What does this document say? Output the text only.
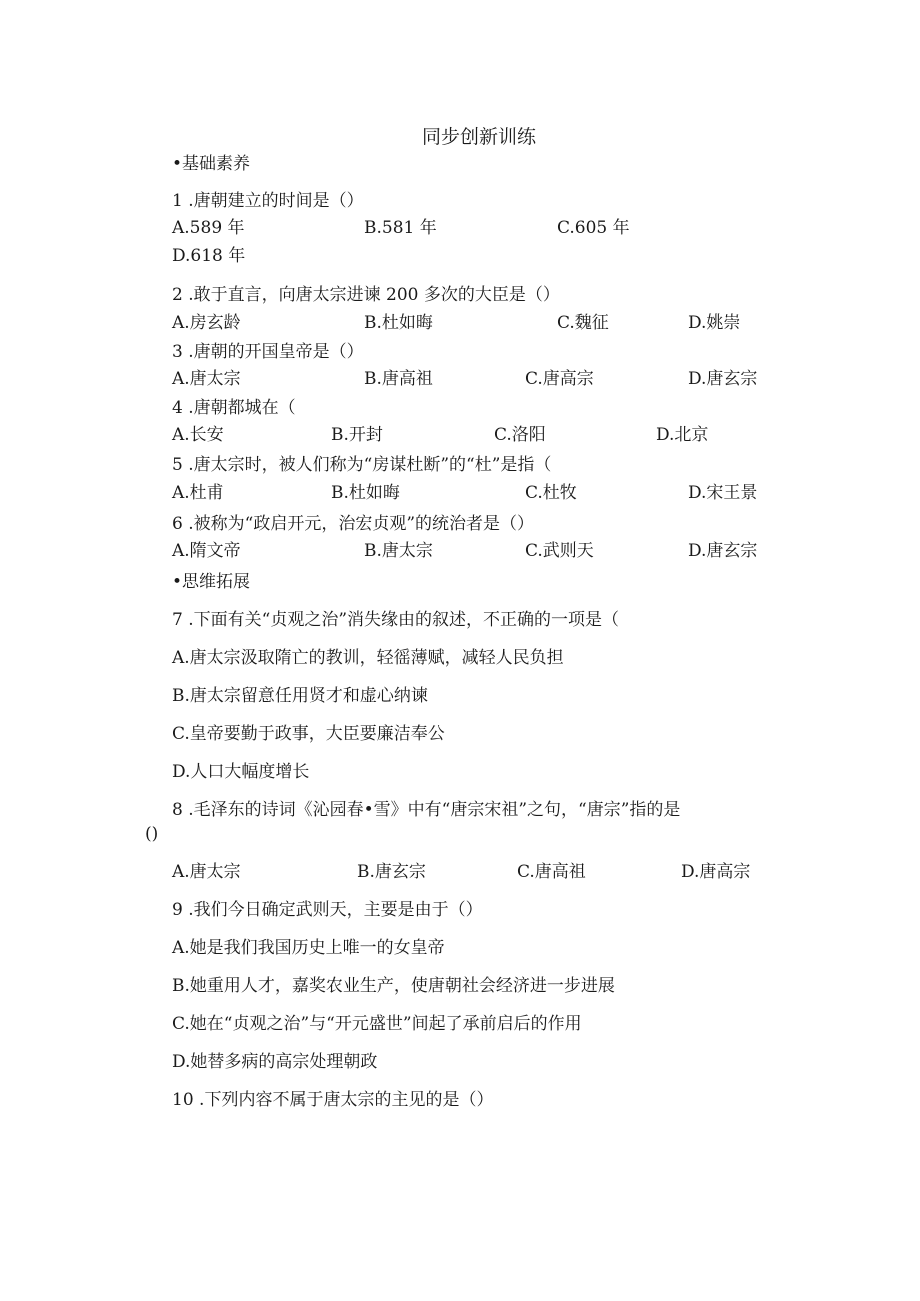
同步创新训练
•基础素养
1 .唐朝建立的时间是（）
A.589 年	B.581 年	C.605 年
D.618 年
2 .敢于直言，向唐太宗进谏 200 多次的大臣是（）
A.房玄龄	B.杜如晦	C.魏征	D.姚崇
3 .唐朝的开国皇帝是（）
A.唐太宗	B.唐高祖	C.唐高宗	D.唐玄宗
4 .唐朝都城在（
A.长安	B.开封	C.洛阳	D.北京
5 .唐太宗时，被人们称为“房谋杜断”的“杜”是指（
A.杜甫	B.杜如晦	C.杜牧	D.宋王景
6 .被称为“政启开元，治宏贞观”的统治者是（）
A.隋文帝	B.唐太宗	C.武则天	D.唐玄宗
•思维拓展
7 .下面有关“贞观之治”消失缘由的叙述，不正确的一项是（
A.唐太宗汲取隋亡的教训，轻徭薄赋，减轻人民负担
B.唐太宗留意任用贤才和虚心纳谏
C.皇帝要勤于政事，大臣要廉洁奉公
D.人口大幅度增长
8 .毛泽东的诗词《沁园春•雪》中有“唐宗宋祖”之句，“唐宗”指的是
()
A.唐太宗	B.唐玄宗	C.唐高祖	D.唐高宗
9 .我们今日确定武则天，主要是由于（）
A.她是我们我国历史上唯一的女皇帝
B.她重用人才，嘉奖农业生产，使唐朝社会经济进一步进展
C.她在“贞观之治”与“开元盛世”间起了承前启后的作用
D.她替多病的高宗处理朝政
10 .下列内容不属于唐太宗的主见的是（）
